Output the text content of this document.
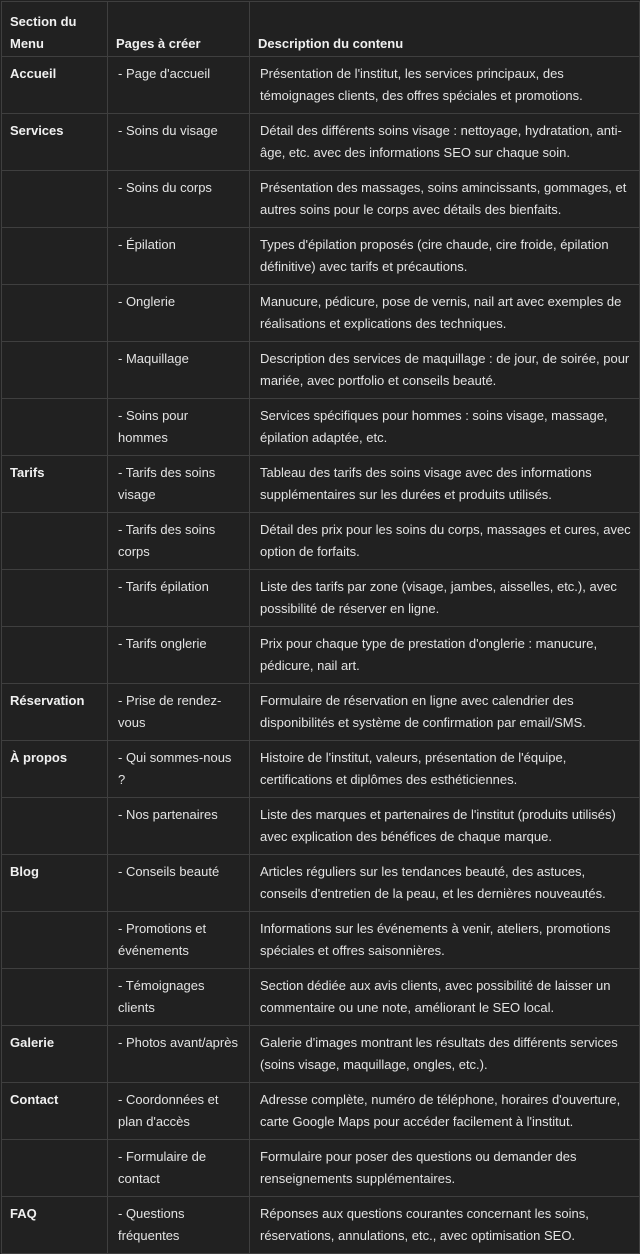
Section du Menu	Pages à créer	Description du contenu
Accueil	- Page d'accueil	Présentation de l'institut, les services principaux, des témoignages clients, des offres spéciales et promotions.
Services	- Soins du visage	Détail des différents soins visage : nettoyage, hydratation, anti-âge, etc. avec des informations SEO sur chaque soin.
	- Soins du corps	Présentation des massages, soins amincissants, gommages, et autres soins pour le corps avec détails des bienfaits.
	- Épilation	Types d'épilation proposés (cire chaude, cire froide, épilation définitive) avec tarifs et précautions.
	- Onglerie	Manucure, pédicure, pose de vernis, nail art avec exemples de réalisations et explications des techniques.
	- Maquillage	Description des services de maquillage : de jour, de soirée, pour mariée, avec portfolio et conseils beauté.
	- Soins pour hommes	Services spécifiques pour hommes : soins visage, massage, épilation adaptée, etc.
Tarifs	- Tarifs des soins visage	Tableau des tarifs des soins visage avec des informations supplémentaires sur les durées et produits utilisés.
	- Tarifs des soins corps	Détail des prix pour les soins du corps, massages et cures, avec option de forfaits.
	- Tarifs épilation	Liste des tarifs par zone (visage, jambes, aisselles, etc.), avec possibilité de réserver en ligne.
	- Tarifs onglerie	Prix pour chaque type de prestation d'onglerie : manucure, pédicure, nail art.
Réservation	- Prise de rendez-vous	Formulaire de réservation en ligne avec calendrier des disponibilités et système de confirmation par email/SMS.
À propos	- Qui sommes-nous ?	Histoire de l'institut, valeurs, présentation de l'équipe, certifications et diplômes des esthéticiennes.
	- Nos partenaires	Liste des marques et partenaires de l'institut (produits utilisés) avec explication des bénéfices de chaque marque.
Blog	- Conseils beauté	Articles réguliers sur les tendances beauté, des astuces, conseils d'entretien de la peau, et les dernières nouveautés.
	- Promotions et événements	Informations sur les événements à venir, ateliers, promotions spéciales et offres saisonnières.
	- Témoignages clients	Section dédiée aux avis clients, avec possibilité de laisser un commentaire ou une note, améliorant le SEO local.
Galerie	- Photos avant/après	Galerie d'images montrant les résultats des différents services (soins visage, maquillage, ongles, etc.).
Contact	- Coordonnées et plan d'accès	Adresse complète, numéro de téléphone, horaires d'ouverture, carte Google Maps pour accéder facilement à l'institut.
	- Formulaire de contact	Formulaire pour poser des questions ou demander des renseignements supplémentaires.
FAQ	- Questions fréquentes	Réponses aux questions courantes concernant les soins, réservations, annulations, etc., avec optimisation SEO.
